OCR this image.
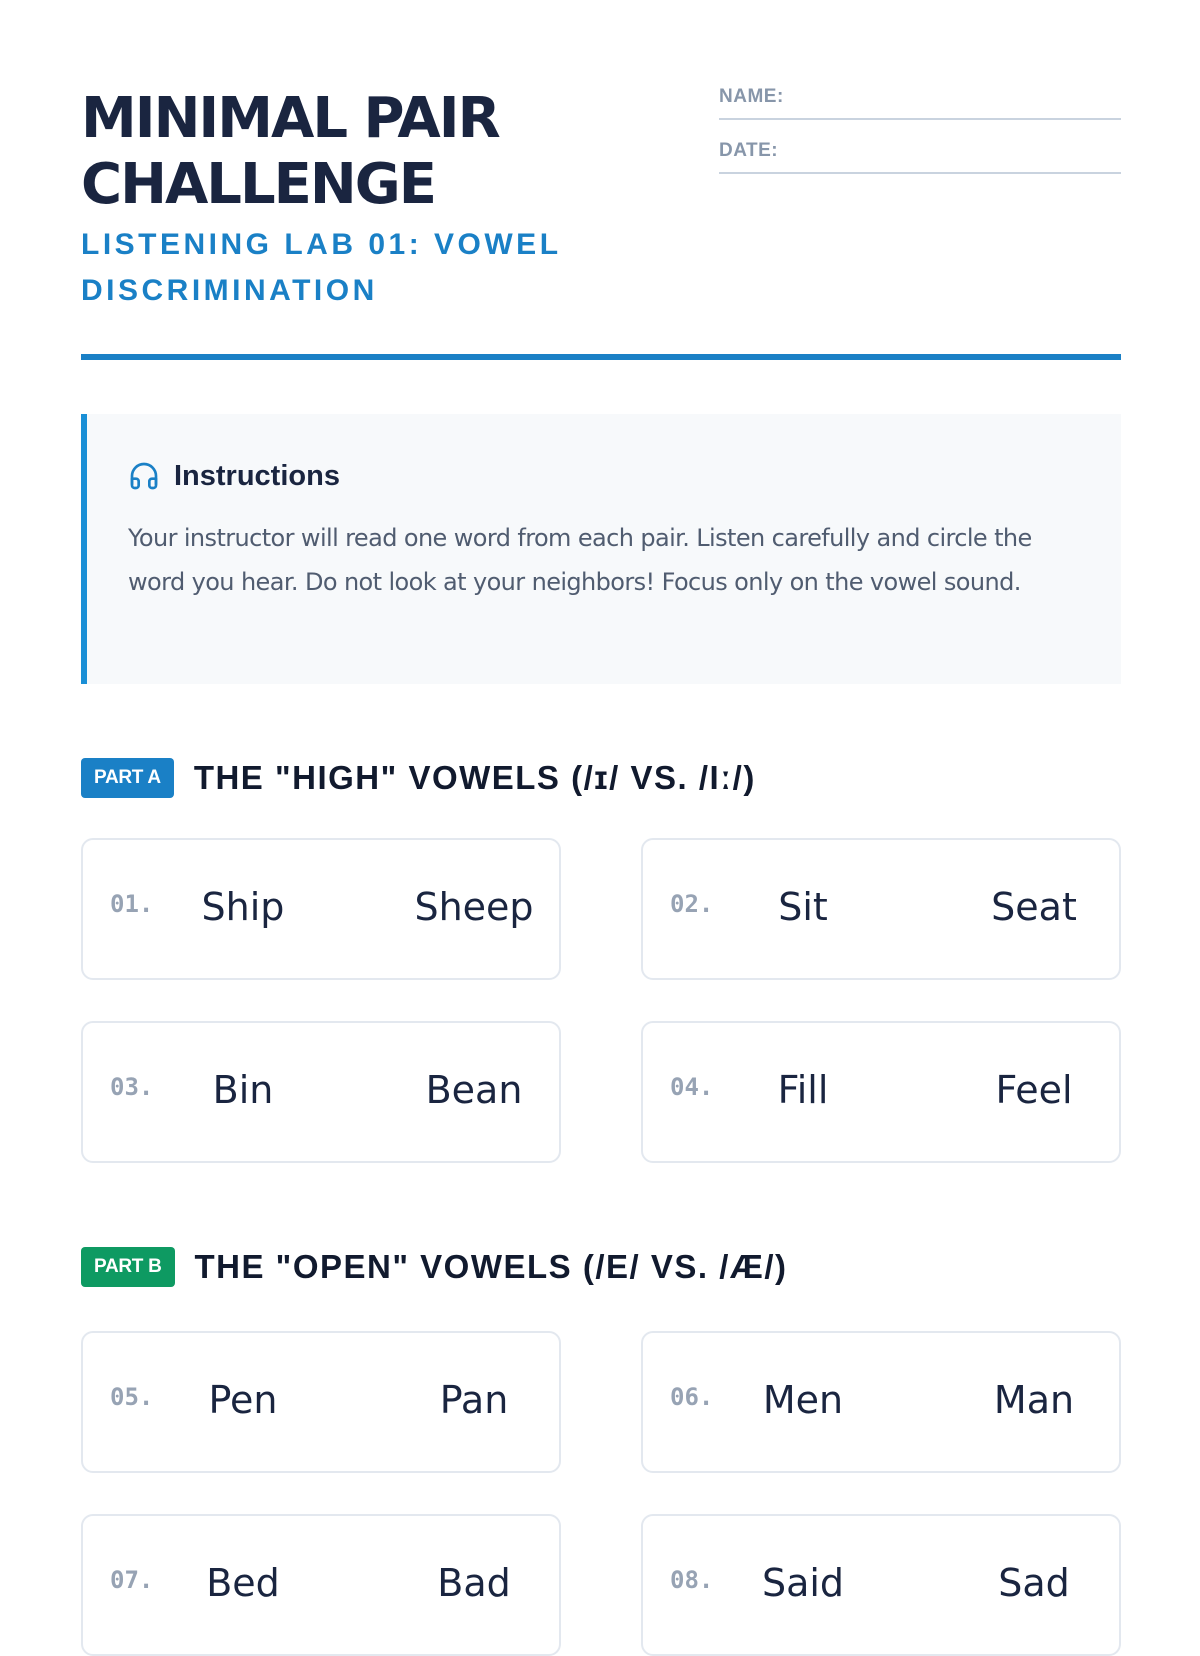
MINIMAL PAIR
CHALLENGE
LISTENING LAB 01: VOWEL DISCRIMINATION
NAME:
DATE:
Instructions
Your instructor will read one word from each pair. Listen carefully and circle the word you hear. Do not look at your neighbors! Focus only on the vowel sound.
PART A	THE "HIGH" VOWELS (/ɪ/ VS. /Iː/)
01.	Ship	Sheep	02.	Sit	Seat
03.	Bin	Bean	04.	Fill	Feel
PART B	THE "OPEN" VOWELS (/E/ VS. /Æ/)
05.	Pen	Pan	06.	Men	Man
07.	Bed	Bad	08.	Said	Sad
